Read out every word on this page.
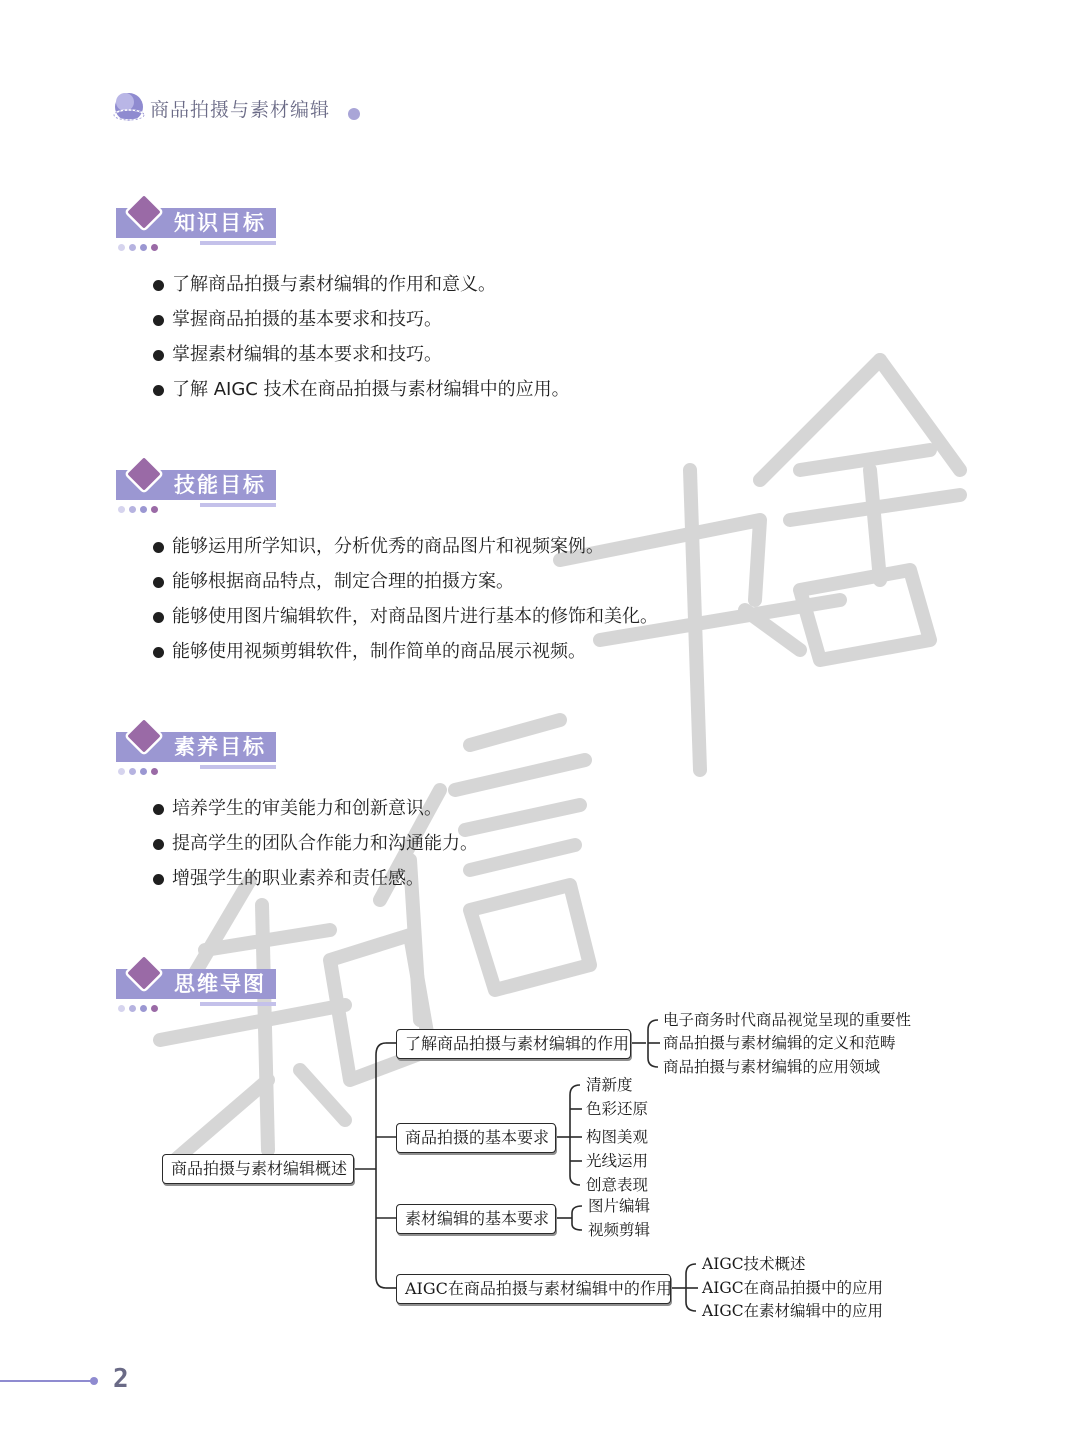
商品拍摄与素材编辑
知识目标
了解商品拍摄与素材编辑的作用和意义。
掌握商品拍摄的基本要求和技巧。
掌握素材编辑的基本要求和技巧。
了解 AIGC 技术在商品拍摄与素材编辑中的应用。
技能目标
能够运用所学知识，分析优秀的商品图片和视频案例。
能够根据商品特点，制定合理的拍摄方案。
能够使用图片编辑软件，对商品图片进行基本的修饰和美化。
能够使用视频剪辑软件，制作简单的商品展示视频。
素养目标
培养学生的审美能力和创新意识。
提高学生的团队合作能力和沟通能力。
增强学生的职业素养和责任感。
思维导图
商品拍摄与素材编辑概述
了解商品拍摄与素材编辑的作用
电子商务时代商品视觉呈现的重要性
商品拍摄与素材编辑的定义和范畴
商品拍摄与素材编辑的应用领域
商品拍摄的基本要求
清新度
色彩还原
构图美观
光线运用
创意表现
素材编辑的基本要求
图片编辑
视频剪辑
AIGC在商品拍摄与素材编辑中的作用
AIGC技术概述
AIGC在商品拍摄中的应用
AIGC在素材编辑中的应用
2
